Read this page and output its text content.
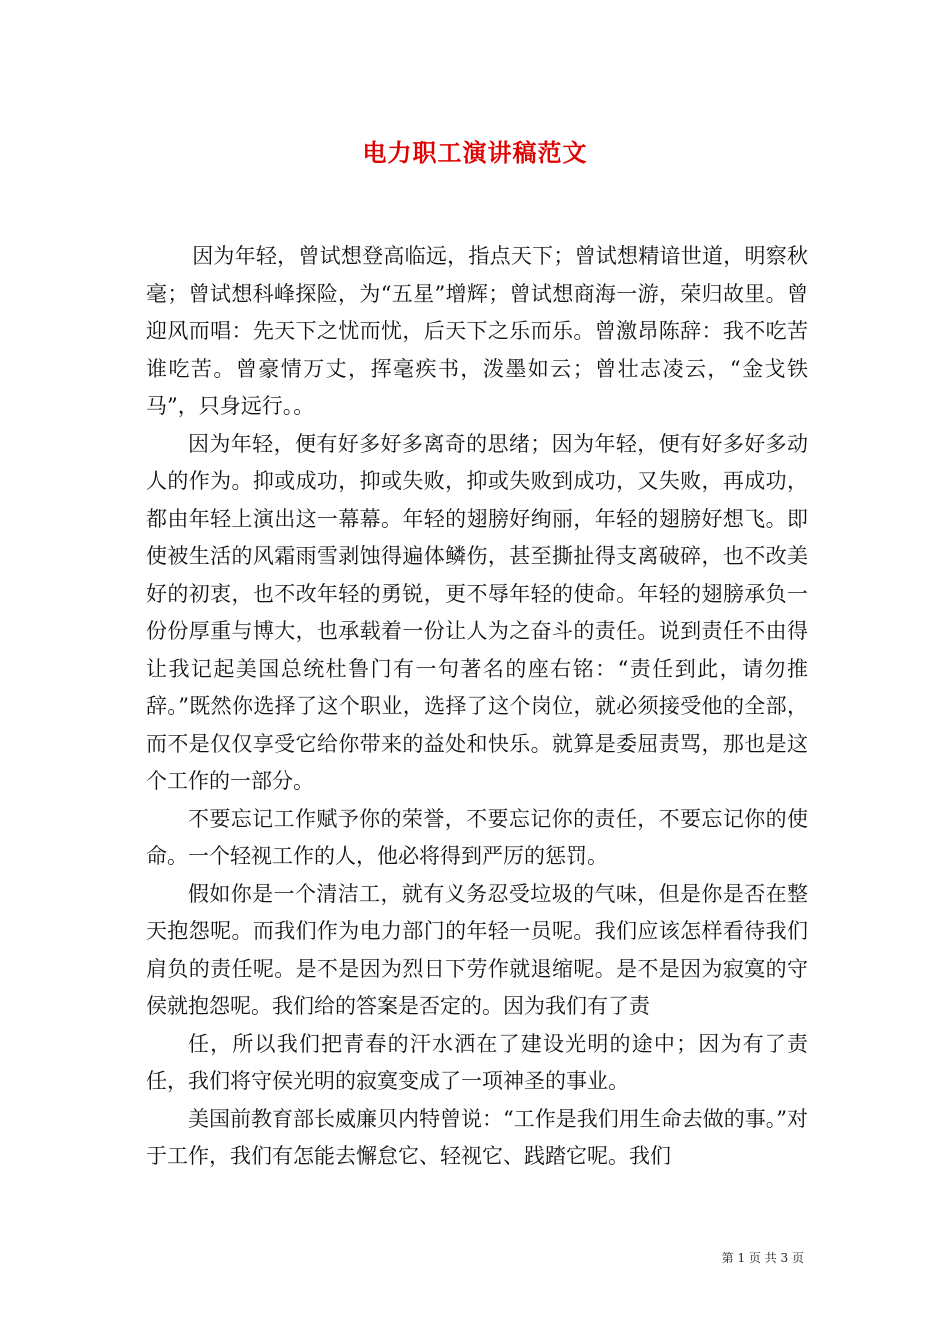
电力职工演讲稿范文

因为年轻，曾试想登高临远，指点天下；曾试想精谙世道，明察秋毫；曾试想科峰探险，为“五星”增辉；曾试想商海一游，荣归故里。曾迎风而唱：先天下之忧而忧，后天下之乐而乐。曾激昂陈辞：我不吃苦谁吃苦。曾豪情万丈，挥毫疾书，泼墨如云；曾壮志凌云，“金戈铁马”，只身远行。。

因为年轻，便有好多好多离奇的思绪；因为年轻，便有好多好多动人的作为。抑或成功，抑或失败，抑或失败到成功，又失败，再成功，都由年轻上演出这一幕幕。年轻的翅膀好绚丽，年轻的翅膀好想飞。即使被生活的风霜雨雪剥蚀得遍体鳞伤，甚至撕扯得支离破碎，也不改美好的初衷，也不改年轻的勇锐，更不辱年轻的使命。年轻的翅膀承负一份份厚重与博大，也承载着一份让人为之奋斗的责任。说到责任不由得让我记起美国总统杜鲁门有一句著名的座右铭：“责任到此，请勿推辞。”既然你选择了这个职业，选择了这个岗位，就必须接受他的全部，而不是仅仅享受它给你带来的益处和快乐。就算是委屈责骂，那也是这个工作的一部分。

不要忘记工作赋予你的荣誉，不要忘记你的责任，不要忘记你的使命。一个轻视工作的人，他必将得到严厉的惩罚。

假如你是一个清洁工，就有义务忍受垃圾的气味，但是你是否在整天抱怨呢。而我们作为电力部门的年轻一员呢。我们应该怎样看待我们肩负的责任呢。是不是因为烈日下劳作就退缩呢。是不是因为寂寞的守侯就抱怨呢。我们给的答案是否定的。因为我们有了责

任，所以我们把青春的汗水洒在了建设光明的途中；因为有了责任，我们将守侯光明的寂寞变成了一项神圣的事业。

美国前教育部长威廉贝内特曾说：“工作是我们用生命去做的事。”对于工作，我们有怎能去懈怠它、轻视它、践踏它呢。我们

第 1 页 共 3 页
